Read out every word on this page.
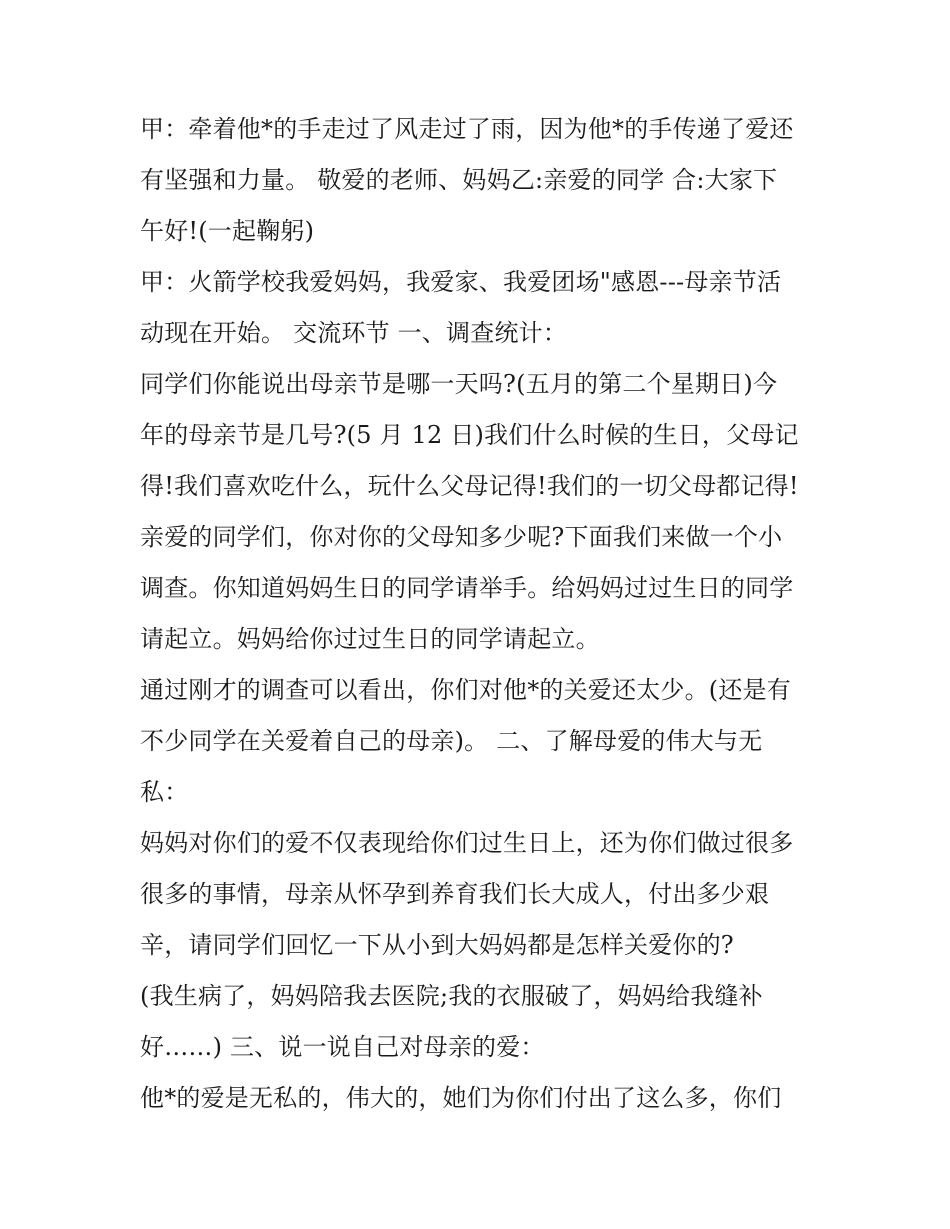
甲：牵着他*的手走过了风走过了雨，因为他*的手传递了爱还
有坚强和力量。 敬爱的老师、妈妈乙:亲爱的同学 合:大家下
午好!(一起鞠躬)
甲：火箭学校我爱妈妈，我爱家、我爱团场"感恩---母亲节活
动现在开始。 交流环节 一、调查统计：
同学们你能说出母亲节是哪一天吗?(五月的第二个星期日)今
年的母亲节是几号?(5 月 12 日)我们什么时候的生日，父母记
得!我们喜欢吃什么，玩什么父母记得!我们的一切父母都记得!
亲爱的同学们，你对你的父母知多少呢?下面我们来做一个小
调查。你知道妈妈生日的同学请举手。给妈妈过过生日的同学
请起立。妈妈给你过过生日的同学请起立。
通过刚才的调查可以看出，你们对他*的关爱还太少。(还是有
不少同学在关爱着自己的母亲)。 二、了解母爱的伟大与无
私：
妈妈对你们的爱不仅表现给你们过生日上，还为你们做过很多
很多的事情，母亲从怀孕到养育我们长大成人，付出多少艰
辛，请同学们回忆一下从小到大妈妈都是怎样关爱你的?
(我生病了，妈妈陪我去医院;我的衣服破了，妈妈给我缝补
好……) 三、说一说自己对母亲的爱：
他*的爱是无私的，伟大的，她们为你们付出了这么多，你们
